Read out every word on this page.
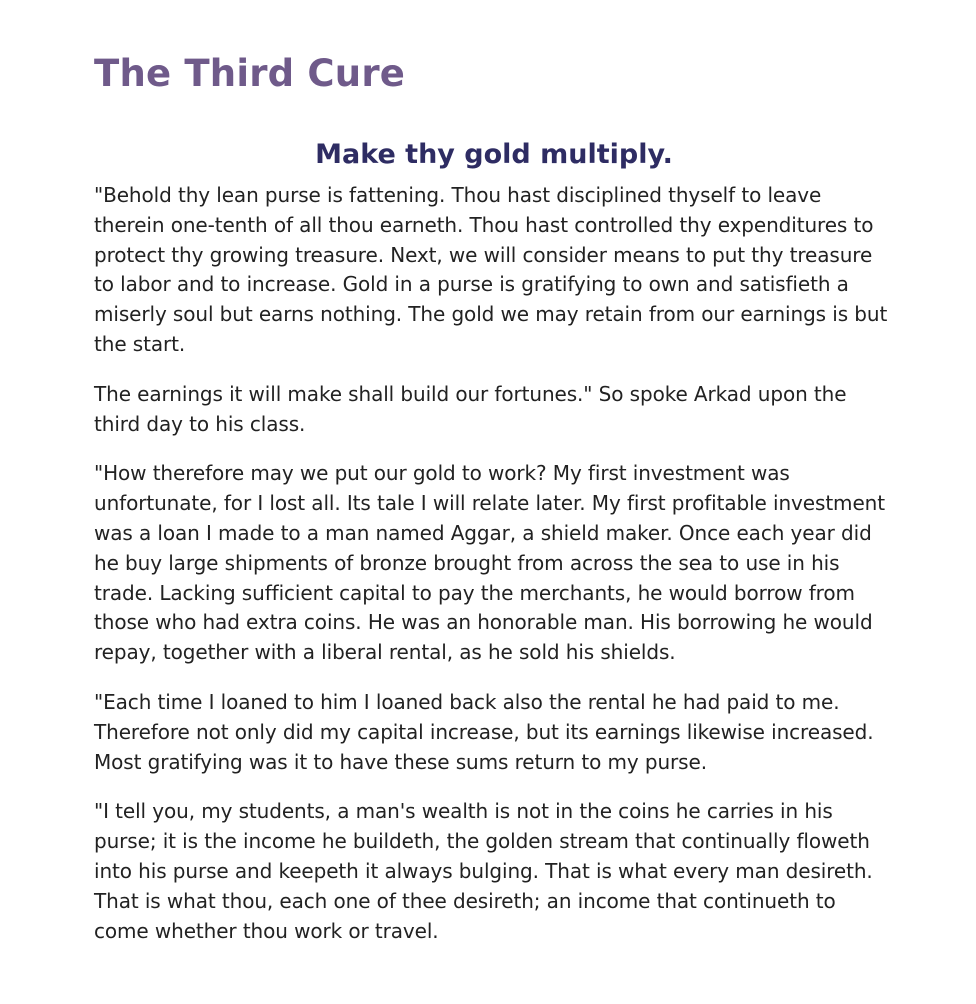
The Third Cure
Make thy gold multiply.

"Behold thy lean purse is fattening. Thou hast disciplined thyself to leave therein one-tenth of all thou earneth. Thou hast controlled thy expenditures to protect thy growing treasure. Next, we will consider means to put thy treasure to labor and to increase. Gold in a purse is gratifying to own and satisfieth a miserly soul but earns nothing. The gold we may retain from our earnings is but the start.

The earnings it will make shall build our fortunes." So spoke Arkad upon the third day to his class.

"How therefore may we put our gold to work? My first investment was unfortunate, for I lost all. Its tale I will relate later. My first profitable investment was a loan I made to a man named Aggar, a shield maker. Once each year did he buy large shipments of bronze brought from across the sea to use in his trade. Lacking sufficient capital to pay the merchants, he would borrow from those who had extra coins. He was an honorable man. His borrowing he would repay, together with a liberal rental, as he sold his shields.

"Each time I loaned to him I loaned back also the rental he had paid to me. Therefore not only did my capital increase, but its earnings likewise increased. Most gratifying was it to have these sums return to my purse.

"I tell you, my students, a man's wealth is not in the coins he carries in his purse; it is the income he buildeth, the golden stream that continually floweth into his purse and keepeth it always bulging. That is what every man desireth. That is what thou, each one of thee desireth; an income that continueth to come whether thou work or travel.
